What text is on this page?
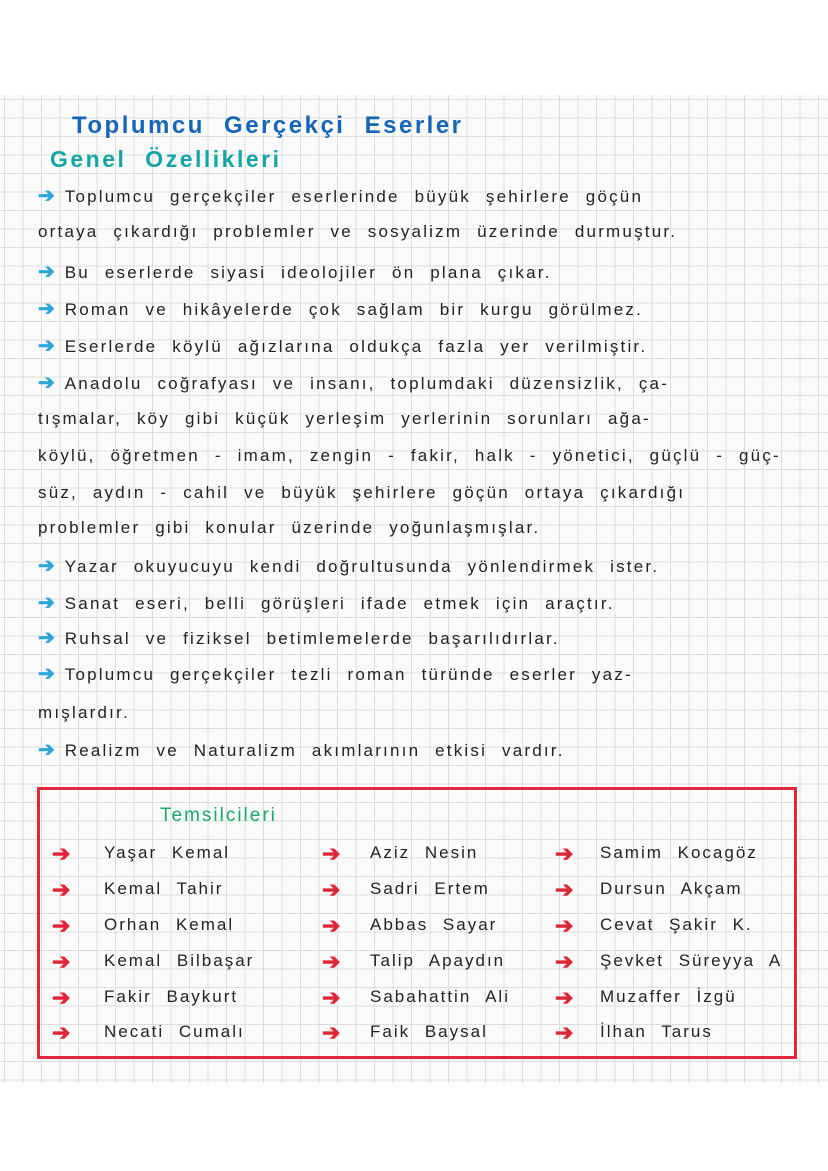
Toplumcu Gerçekçi Eserler
Genel Özellikleri
➔ Toplumcu gerçekçiler eserlerinde büyük şehirlere göçün
ortaya çıkardığı problemler ve sosyalizm üzerinde durmuştur.
➔ Bu eserlerde siyasi ideolojiler ön plana çıkar.
➔ Roman ve hikâyelerde çok sağlam bir kurgu görülmez.
➔ Eserlerde köylü ağızlarına oldukça fazla yer verilmiştir.
➔ Anadolu coğrafyası ve insanı, toplumdaki düzensizlik, ça-
tışmalar, köy gibi küçük yerleşim yerlerinin sorunları ağa-
köylü, öğretmen - imam, zengin - fakir, halk - yönetici, güçlü - güç-
süz, aydın - cahil ve büyük şehirlere göçün ortaya çıkardığı
problemler gibi konular üzerinde yoğunlaşmışlar.
➔ Yazar okuyucuyu kendi doğrultusunda yönlendirmek ister.
➔ Sanat eseri, belli görüşleri ifade etmek için araçtır.
➔ Ruhsal ve fiziksel betimlemelerde başarılıdırlar.
➔ Toplumcu gerçekçiler tezli roman türünde eserler yaz-
mışlardır.
➔ Realizm ve Naturalizm akımlarının etkisi vardır.
Temsilcileri
➔ Yaşar Kemal
➔ Kemal Tahir
➔ Orhan Kemal
➔ Kemal Bilbaşar
➔ Fakir Baykurt
➔ Necati Cumalı
➔ Aziz Nesin
➔ Sadri Ertem
➔ Abbas Sayar
➔ Talip Apaydın
➔ Sabahattin Ali
➔ Faik Baysal
➔ Samim Kocagöz
➔ Dursun Akçam
➔ Cevat Şakir K.
➔ Şevket Süreyya A
➔ Muzaffer İzgü
➔ İlhan Tarus
